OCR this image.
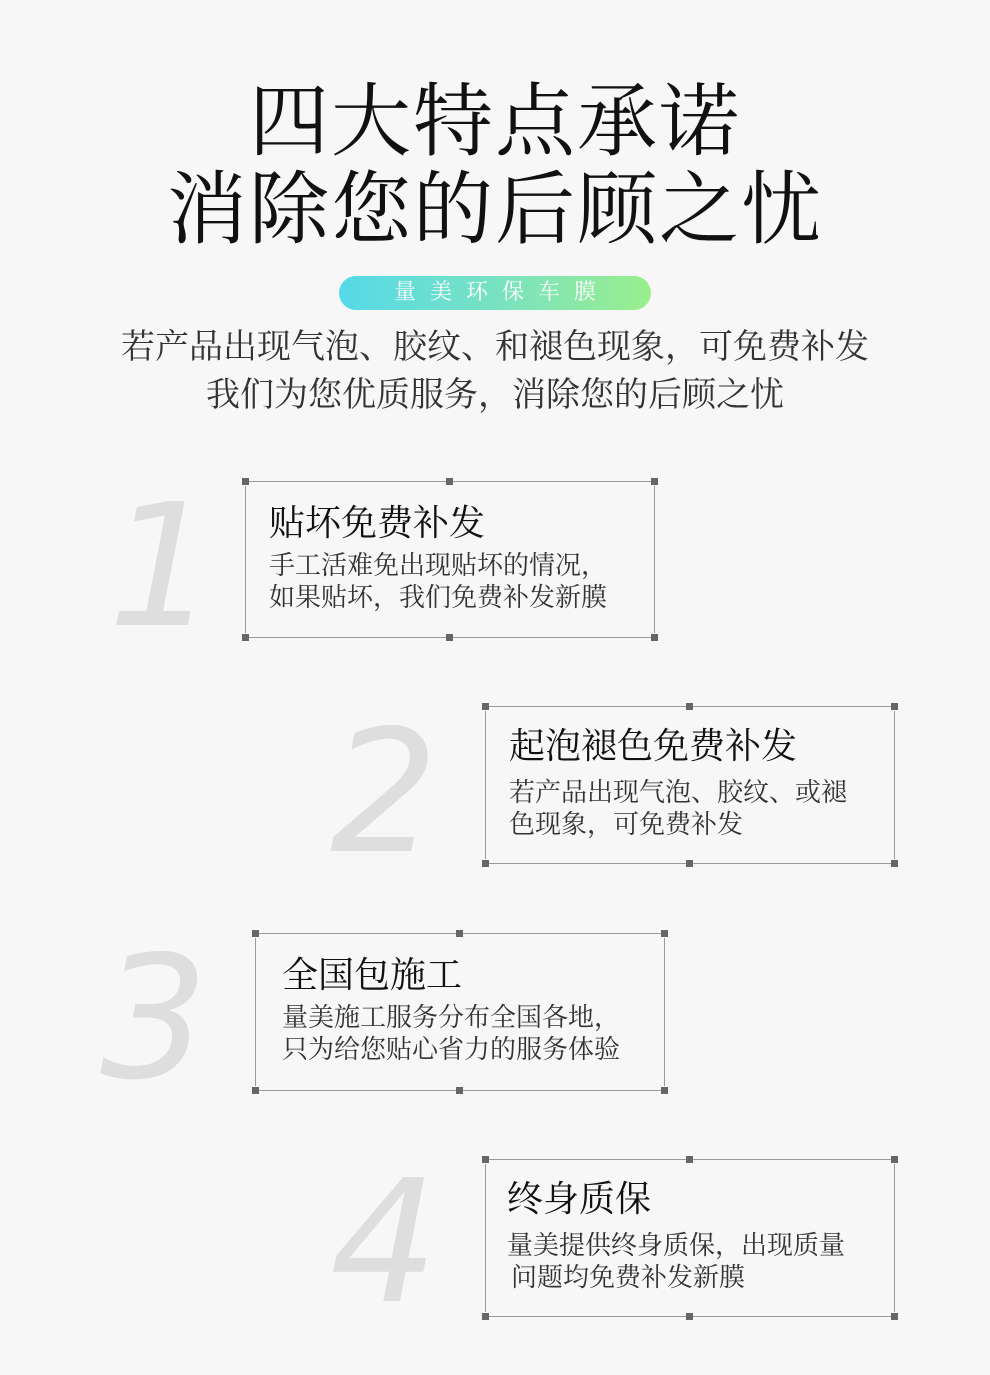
四大特点承诺
消除您的后顾之忧
量美环保车膜
若产品出现气泡、胶纹、和褪色现象，可免费补发
我们为您优质服务，消除您的后顾之忧
1 贴坏免费补发
手工活难免出现贴坏的情况，
如果贴坏，我们免费补发新膜
2 起泡褪色免费补发
若产品出现气泡、胶纹、或褪
色现象，可免费补发
3 全国包施工
量美施工服务分布全国各地，
只为给您贴心省力的服务体验
4 终身质保
量美提供终身质保，出现质量
问题均免费补发新膜
